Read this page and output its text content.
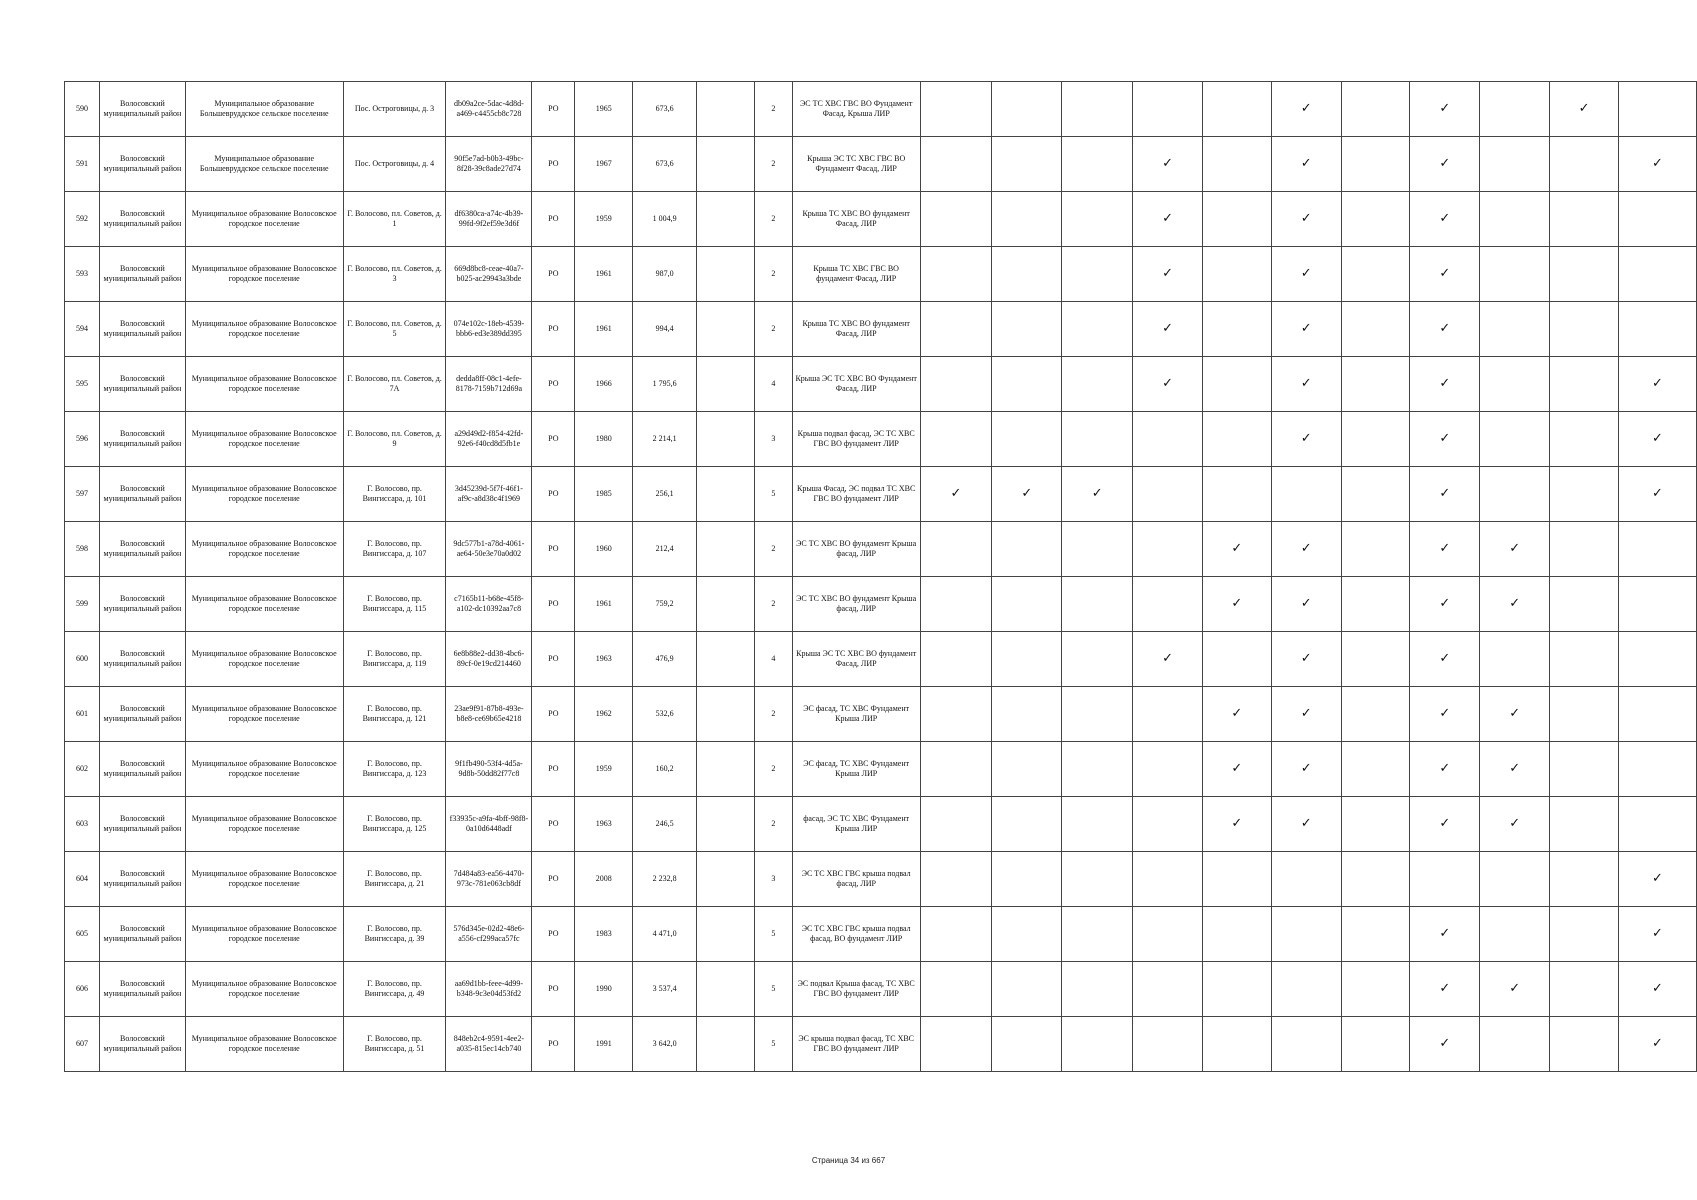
590	Волосовский муниципальный район	Муниципальное образование Большевруддское сельское поселение	Пос. Остроговицы, д. 3	db09a2ce-5dac-4d8d-a469-c4455cb8c728	РО	1965	673,6		2	ЭС ТС ХВС ГВС ВО Фундамент Фасад, Крыша ЛИР						✓		✓		✓	
591	Волосовский муниципальный район	Муниципальное образование Большевруддское сельское поселение	Пос. Остроговицы, д. 4	90f5e7ad-b0b3-49bc-8f28-39c8ade27d74	РО	1967	673,6		2	Крыша ЭС ТС ХВС ГВС ВО Фундамент Фасад, ЛИР				✓		✓		✓			✓
592	Волосовский муниципальный район	Муниципальное образование Волосовское городское поселение	Г. Волосово, пл. Советов, д. 1	df6380ca-a74c-4b39-99fd-9f2ef59e3d6f	РО	1959	1 004,9		2	Крыша ТС ХВС ВО фундамент Фасад, ЛИР				✓		✓		✓			
593	Волосовский муниципальный район	Муниципальное образование Волосовское городское поселение	Г. Волосово, пл. Советов, д. 3	669d8bc8-ceae-40a7-b025-ac29943a3bde	РО	1961	987,0		2	Крыша ТС ХВС ГВС ВО фундамент Фасад, ЛИР				✓		✓		✓			
594	Волосовский муниципальный район	Муниципальное образование Волосовское городское поселение	Г. Волосово, пл. Советов, д. 5	074e102c-18eb-4539-bbb6-ed3e389dd395	РО	1961	994,4		2	Крыша ТС ХВС ВО фундамент Фасад, ЛИР				✓		✓		✓			
595	Волосовский муниципальный район	Муниципальное образование Волосовское городское поселение	Г. Волосово, пл. Советов, д. 7А	dedda8ff-08c1-4efe-8178-7159b712d69a	РО	1966	1 795,6		4	Крыша ЭС ТС ХВС ВО Фундамент Фасад, ЛИР				✓		✓		✓			✓
596	Волосовский муниципальный район	Муниципальное образование Волосовское городское поселение	Г. Волосово, пл. Советов, д. 9	a29d49d2-f854-42fd-92e6-f40cd8d5fb1e	РО	1980	2 214,1		3	Крыша подвал фасад, ЭС ТС ХВС ГВС ВО фундамент ЛИР						✓		✓			✓
597	Волосовский муниципальный район	Муниципальное образование Волосовское городское поселение	Г. Волосово, пр. Вингиссара, д. 101	3d45239d-5f7f-46f1-af9c-a8d38c4f1969	РО	1985	256,1		5	Крыша Фасад, ЭС подвал ТС ХВС ГВС ВО фундамент ЛИР	✓	✓	✓					✓			✓
598	Волосовский муниципальный район	Муниципальное образование Волосовское городское поселение	Г. Волосово, пр. Вингиссара, д. 107	9dc577b1-a78d-4061-ae64-50e3e70a0d02	РО	1960	212,4		2	ЭС ТС ХВС ВО фундамент Крыша фасад, ЛИР					✓	✓		✓	✓		
599	Волосовский муниципальный район	Муниципальное образование Волосовское городское поселение	Г. Волосово, пр. Вингиссара, д. 115	c7165b11-b68e-45f8-a102-dc10392aa7c8	РО	1961	759,2		2	ЭС ТС ХВС ВО фундамент Крыша фасад, ЛИР					✓	✓		✓	✓		
600	Волосовский муниципальный район	Муниципальное образование Волосовское городское поселение	Г. Волосово, пр. Вингиссара, д. 119	6e8b88e2-dd38-4bc6-89cf-0e19cd214460	РО	1963	476,9		4	Крыша ЭС ТС ХВС ВО фундамент Фасад, ЛИР				✓		✓		✓			
601	Волосовский муниципальный район	Муниципальное образование Волосовское городское поселение	Г. Волосово, пр. Вингиссара, д. 121	23ae9f91-87b8-493e-b8e8-ce69b65e4218	РО	1962	532,6		2	ЭС фасад, ТС ХВС Фундамент Крыша ЛИР					✓	✓		✓	✓		
602	Волосовский муниципальный район	Муниципальное образование Волосовское городское поселение	Г. Волосово, пр. Вингиссара, д. 123	9f1fb490-53f4-4d5a-9d8b-50dd82f77c8	РО	1959	160,2		2	ЭС фасад, ТС ХВС Фундамент Крыша ЛИР					✓	✓		✓	✓		
603	Волосовский муниципальный район	Муниципальное образование Волосовское городское поселение	Г. Волосово, пр. Вингиссара, д. 125	f33935c-a9fa-4bff-98f8-0a10d6448adf	РО	1963	246,5		2	фасад, ЭС ТС ХВС Фундамент Крыша ЛИР					✓	✓		✓	✓		
604	Волосовский муниципальный район	Муниципальное образование Волосовское городское поселение	Г. Волосово, пр. Вингиссара, д. 21	7d484a83-ea56-4470-973c-781e063cb8df	РО	2008	2 232,8		3	ЭС ТС ХВС ГВС крыша подвал фасад, ЛИР											✓
605	Волосовский муниципальный район	Муниципальное образование Волосовское городское поселение	Г. Волосово, пр. Вингиссара, д. 39	576d345e-02d2-48e6-a556-cf299aca57fc	РО	1983	4 471,0		5	ЭС ТС ХВС ГВС крыша подвал фасад, ВО фундамент ЛИР								✓			✓
606	Волосовский муниципальный район	Муниципальное образование Волосовское городское поселение	Г. Волосово, пр. Вингиссара, д. 49	aa69d1bb-feee-4d99-b348-9c3e04d53fd2	РО	1990	3 537,4		5	ЭС подвал Крыша фасад, ТС ХВС ГВС ВО фундамент ЛИР								✓	✓		✓
607	Волосовский муниципальный район	Муниципальное образование Волосовское городское поселение	Г. Волосово, пр. Вингиссара, д. 51	848eb2c4-9591-4ee2-a035-815ec14cb740	РО	1991	3 642,0		5	ЭС крыша подвал фасад, ТС ХВС ГВС ВО фундамент ЛИР								✓			✓
Страница 34 из 667
